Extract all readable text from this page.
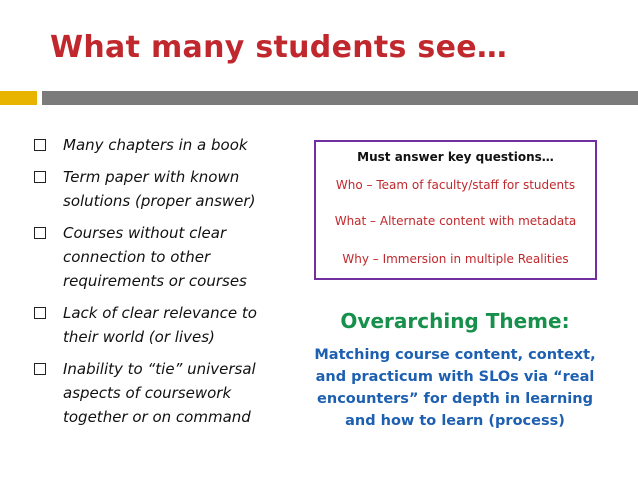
What many students see…
Many chapters in a book
Term paper with known solutions (proper answer)
Courses without clear connection to other requirements or courses
Lack of clear relevance to their world (or lives)
Inability to “tie” universal aspects of coursework together or on command
Must answer key questions…
Who – Team of faculty/staff for students
What – Alternate content with metadata
Why – Immersion in multiple Realities
Overarching Theme:
Matching course content, context, and practicum with SLOs via “real encounters” for depth in learning and how to learn (process)
